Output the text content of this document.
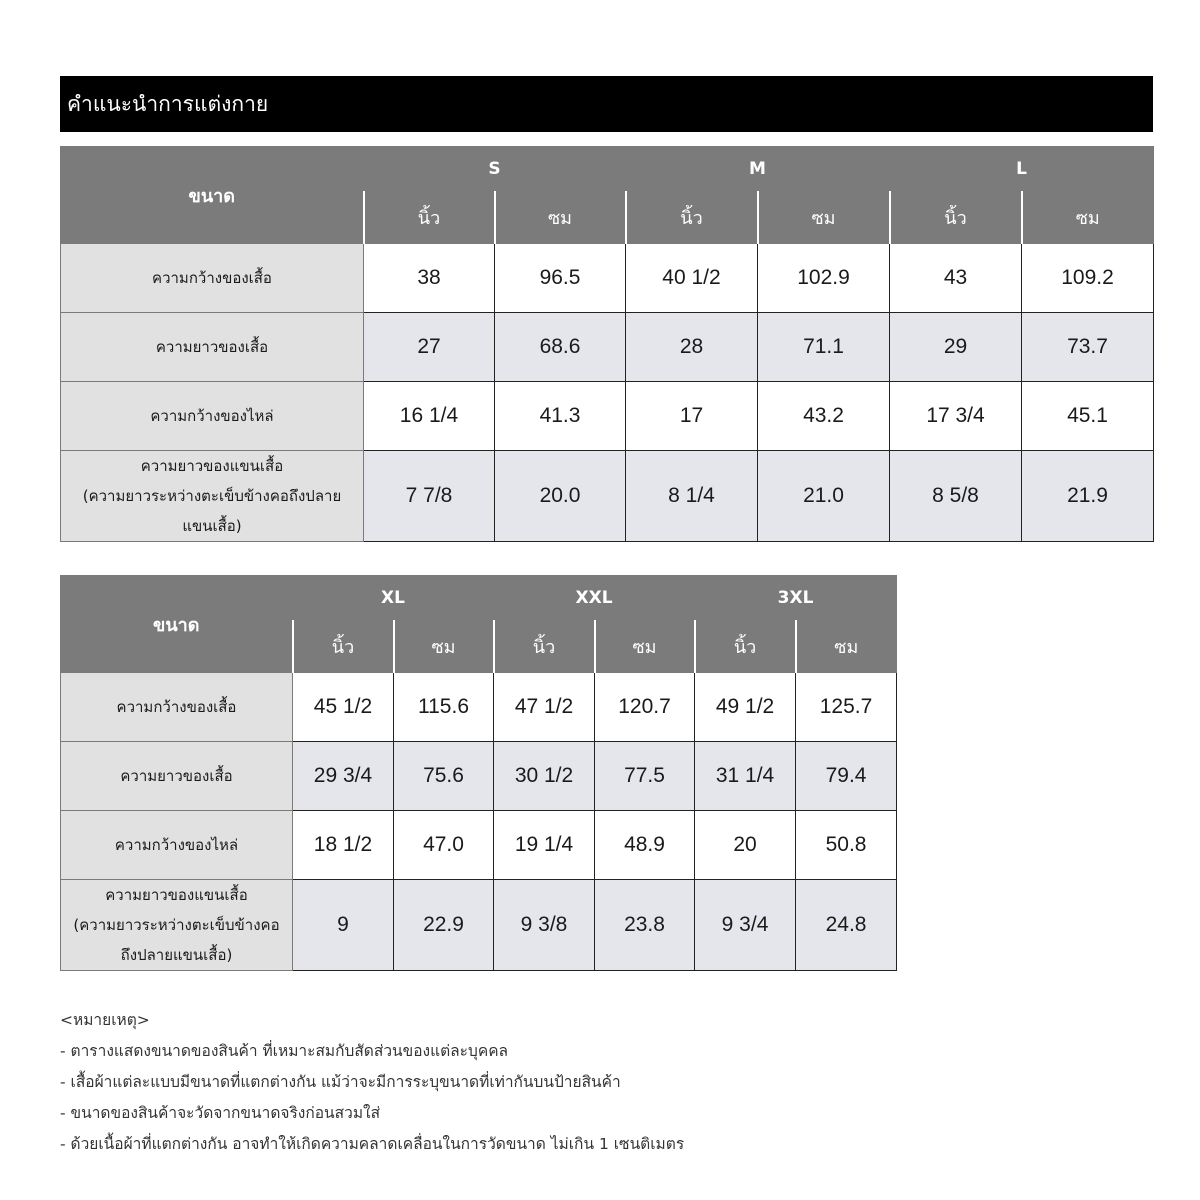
คำแนะนำการแต่งกาย
ขนาด	S		M		L	
	นิ้ว	ซม	นิ้ว	ซม	นิ้ว	ซม
ความกว้างของเสื้อ	38	96.5	40 1/2	102.9	43	109.2
ความยาวของเสื้อ	27	68.6	28	71.1	29	73.7
ความกว้างของไหล่	16 1/4	41.3	17	43.2	17 3/4	45.1

ความยาวของแขนเสื้อ
(ความยาวระหว่างตะเข็บข้างคอถึงปลาย
แขนเสื้อ)	7 7/8	20.0	8 1/4	21.0	8 5/8	21.9
ขนาด	XL		XXL		3XL	
	นิ้ว	ซม	นิ้ว	ซม	นิ้ว	ซม
ความกว้างของเสื้อ	45 1/2	115.6	47 1/2	120.7	49 1/2	125.7
ความยาวของเสื้อ	29 3/4	75.6	30 1/2	77.5	31 1/4	79.4
ความกว้างของไหล่	18 1/2	47.0	19 1/4	48.9	20	50.8

ความยาวของแขนเสื้อ
(ความยาวระหว่างตะเข็บข้างคอ
ถึงปลายแขนเสื้อ)	9	22.9	9 3/8	23.8	9 3/4	24.8
<หมายเหตุ>
- ตารางแสดงขนาดของสินค้า ที่เหมาะสมกับสัดส่วนของแต่ละบุคคล
- เสื้อผ้าแต่ละแบบมีขนาดที่แตกต่างกัน แม้ว่าจะมีการระบุขนาดที่เท่ากันบนป้ายสินค้า
- ขนาดของสินค้าจะวัดจากขนาดจริงก่อนสวมใส่
- ด้วยเนื้อผ้าที่แตกต่างกัน อาจทำให้เกิดความคลาดเคลื่อนในการวัดขนาด ไม่เกิน 1 เซนติเมตร
